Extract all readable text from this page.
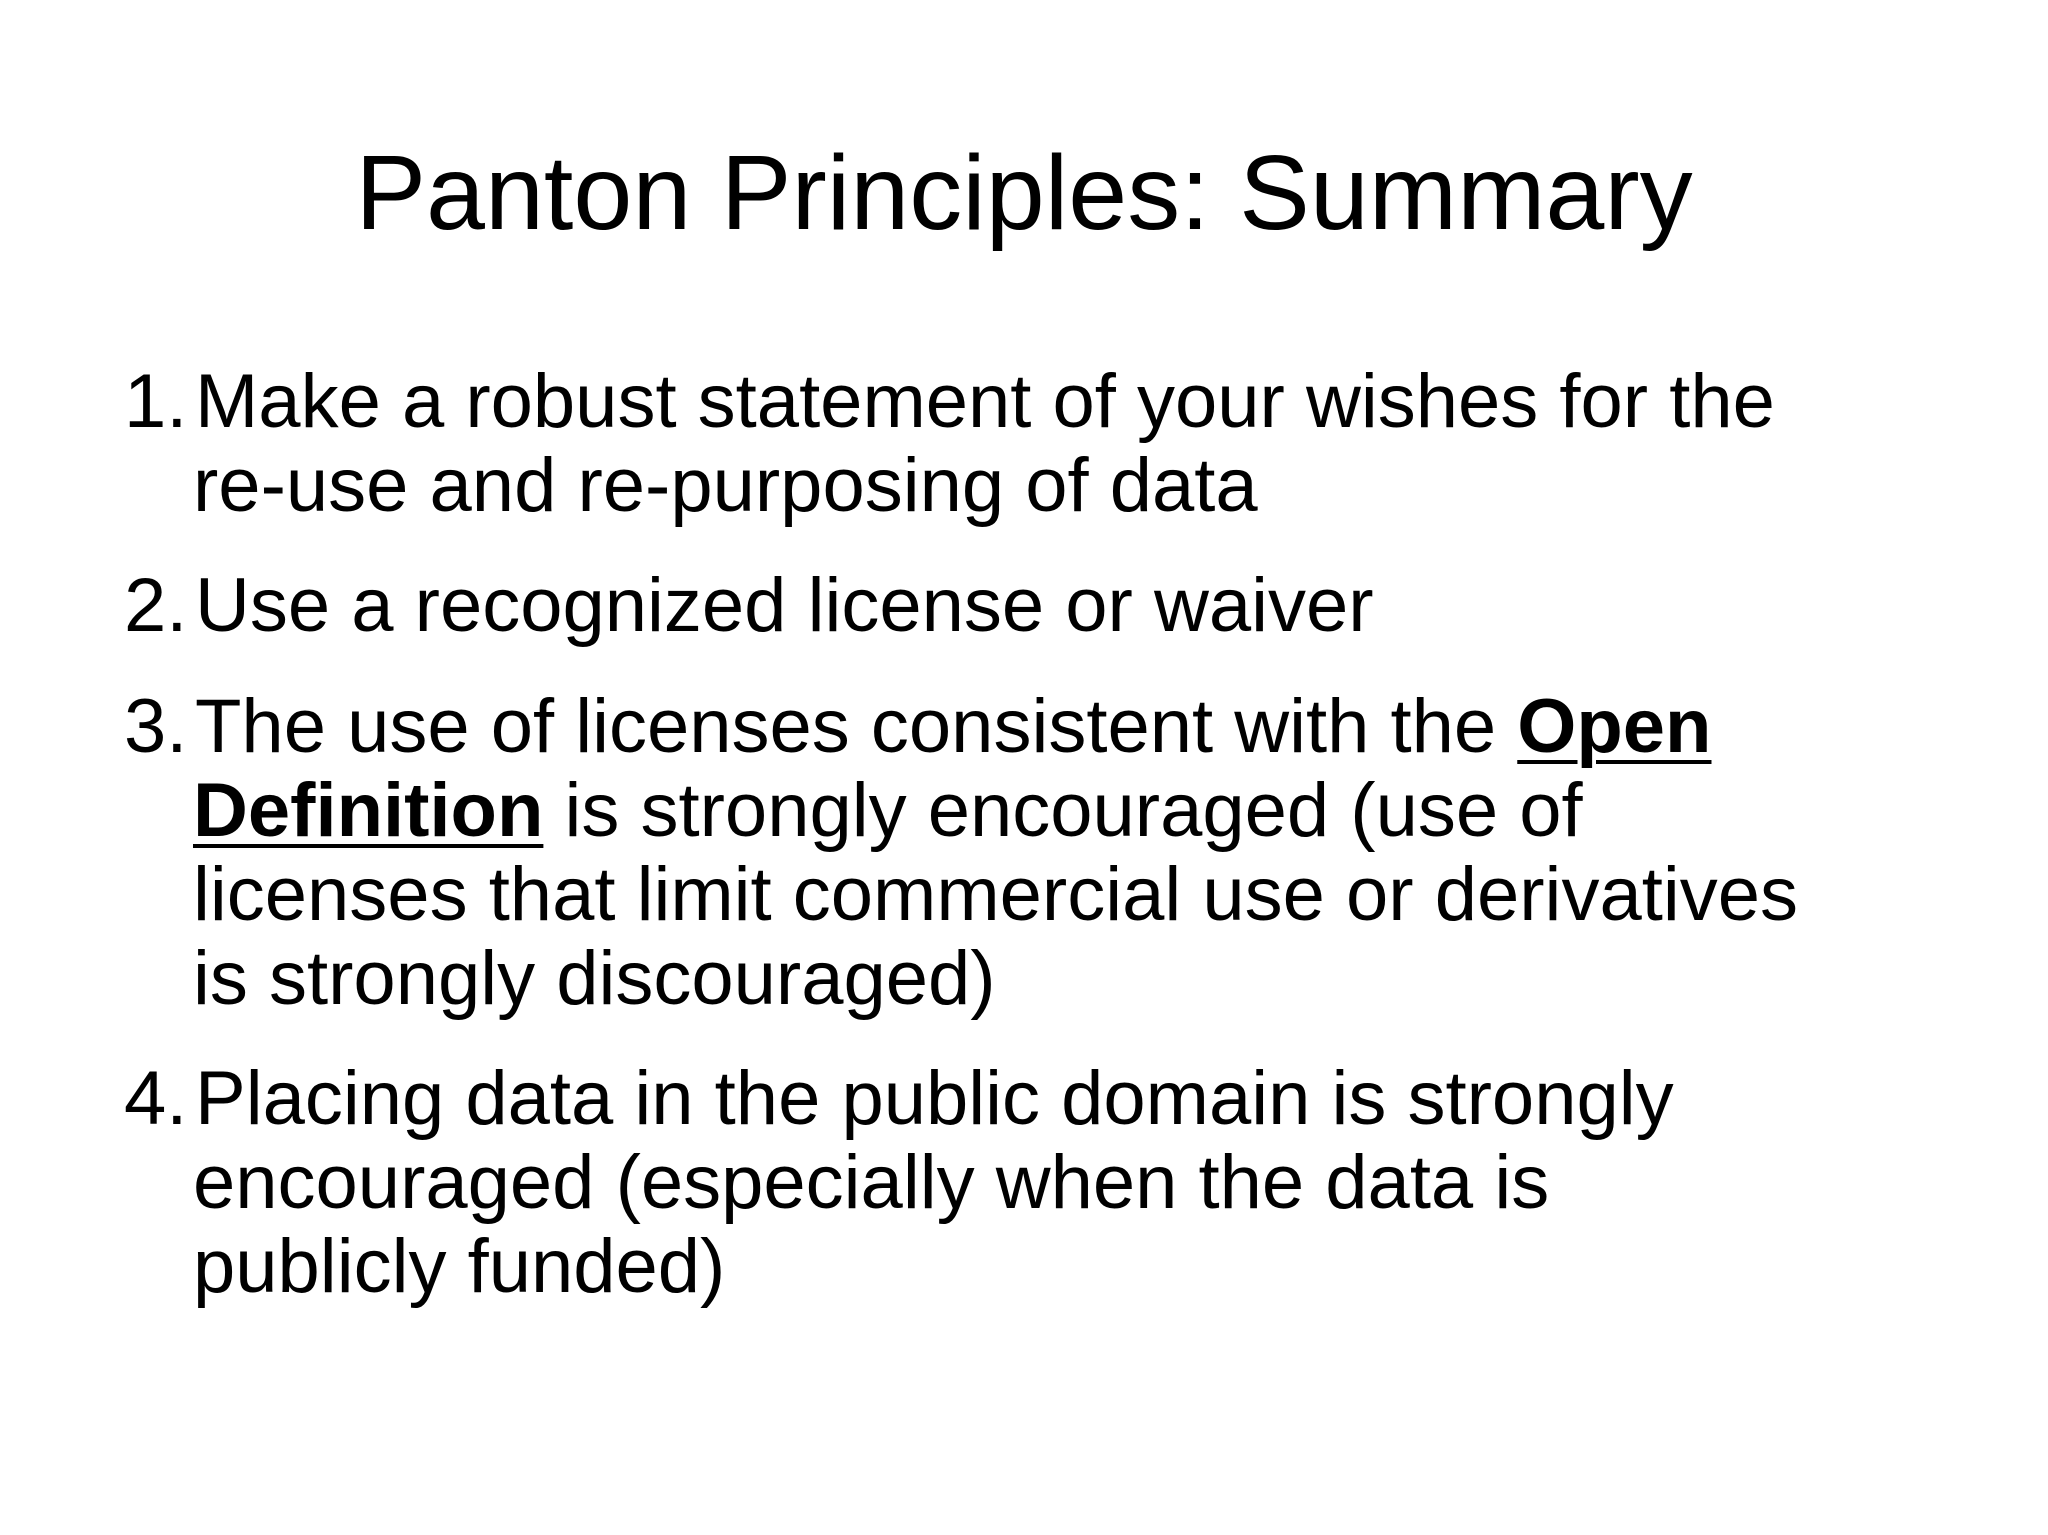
Panton Principles: Summary
1. Make a robust statement of your wishes for the
re-use and re-purposing of data
2. Use a recognized license or waiver
3. The use of licenses consistent with the Open
Definition is strongly encouraged (use of
licenses that limit commercial use or derivatives
is strongly discouraged)
4. Placing data in the public domain is strongly
encouraged (especially when the data is
publicly funded)
